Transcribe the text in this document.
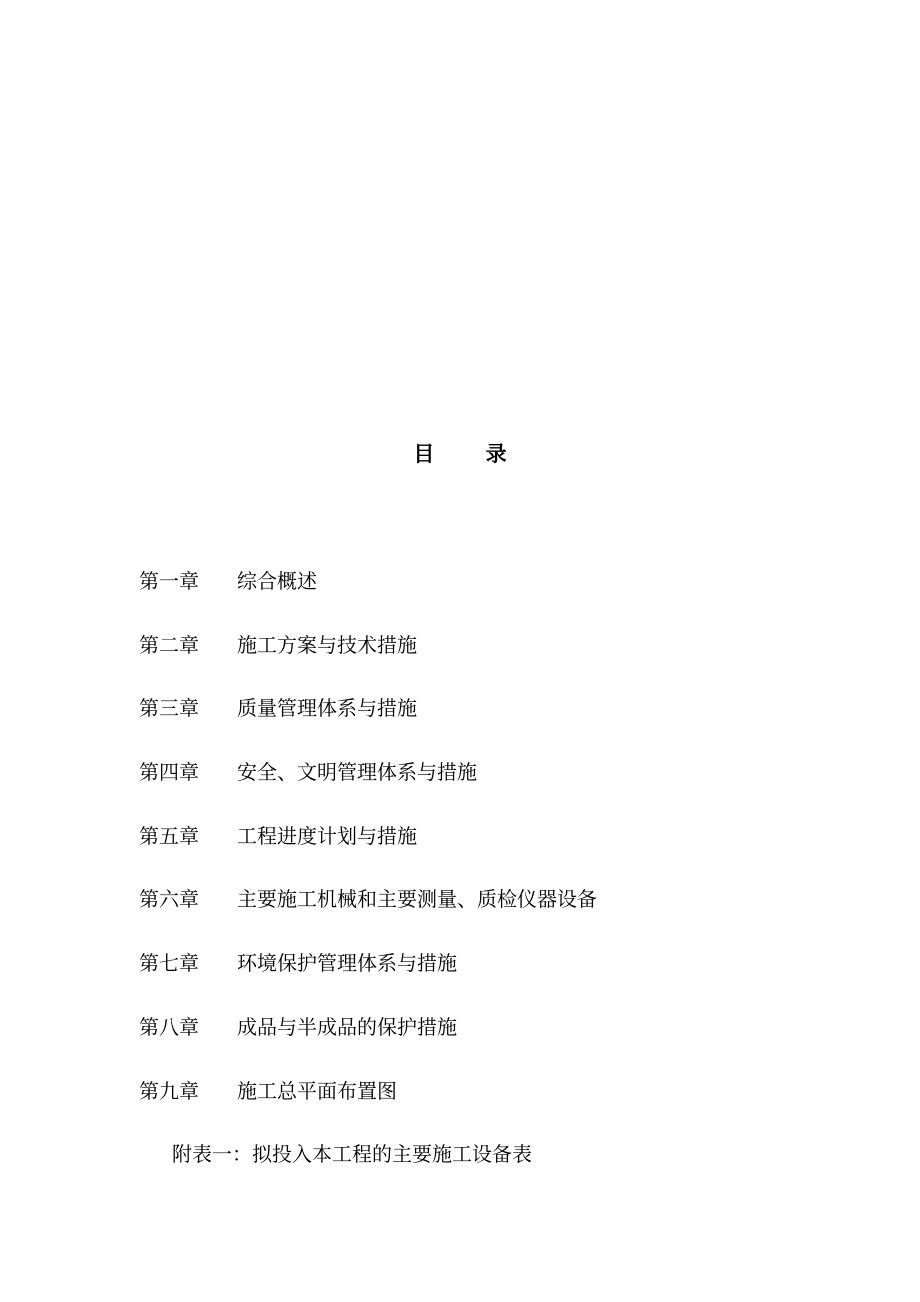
目 录
第一章	综合概述
第二章	施工方案与技术措施
第三章	质量管理体系与措施
第四章	安全、文明管理体系与措施
第五章	工程进度计划与措施
第六章	主要施工机械和主要测量、质检仪器设备
第七章	环境保护管理体系与措施
第八章	成品与半成品的保护措施
第九章	施工总平面布置图
附表一：拟投入本工程的主要施工设备表
